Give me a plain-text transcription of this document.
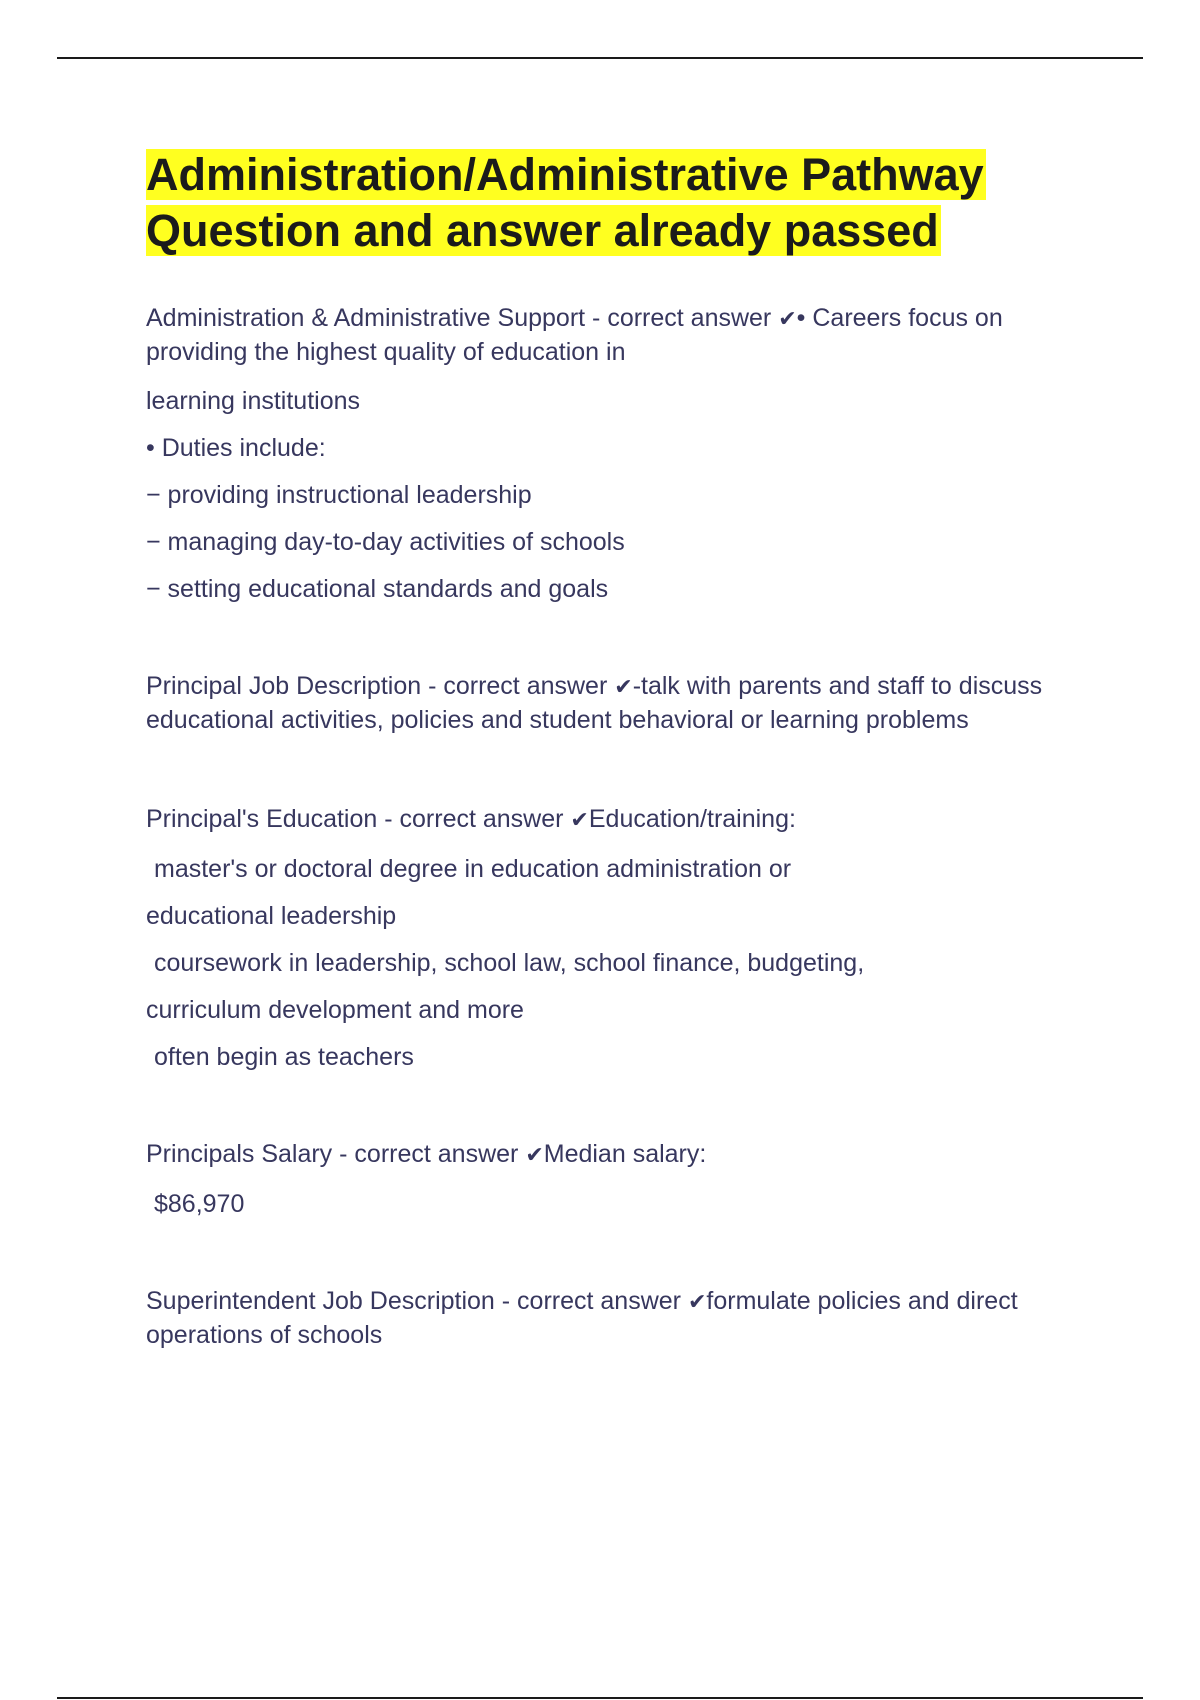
Administration/Administrative Pathway
Question and answer already passed

Administration & Administrative Support - correct answer ✔• Careers focus on providing the highest quality of education in

learning institutions

• Duties include:

− providing instructional leadership

− managing day-to-day activities of schools

− setting educational standards and goals

Principal Job Description - correct answer ✔-talk with parents and staff to discuss educational activities, policies and student behavioral or learning problems

Principal's Education - correct answer ✔Education/training:

master's or doctoral degree in education administration or

educational leadership

coursework in leadership, school law, school finance, budgeting,

curriculum development and more

often begin as teachers

Principals Salary - correct answer ✔Median salary:

$86,970

Superintendent Job Description - correct answer ✔formulate policies and direct operations of schools
